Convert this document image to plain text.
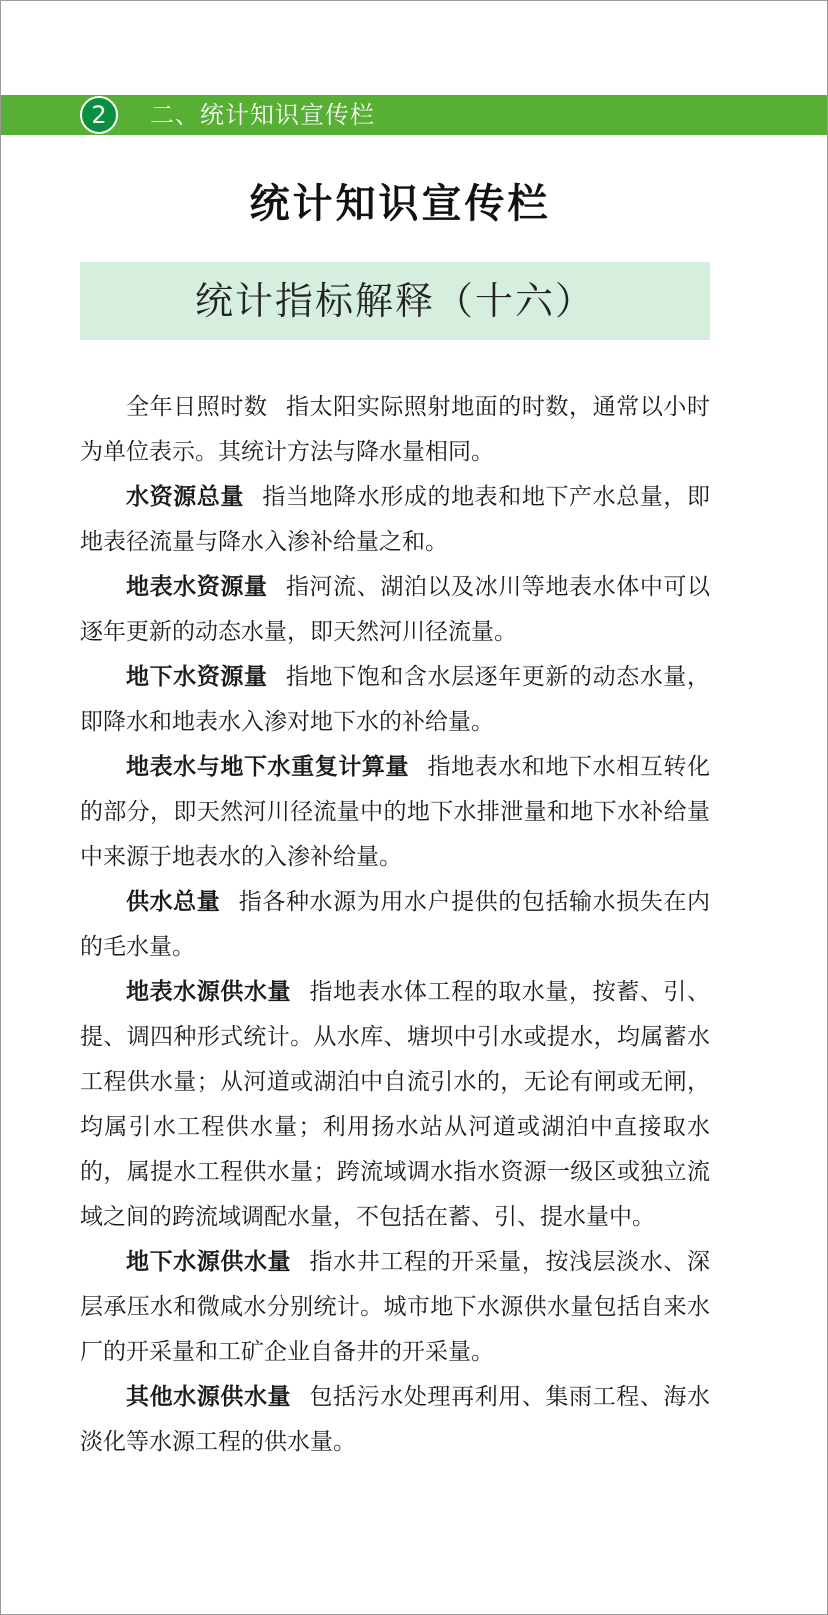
2	二、统计知识宣传栏
统计知识宣传栏
统计指标解释（十六）

全年日照时数 指太阳实际照射地面的时数，通常以小时为单位表示。其统计方法与降水量相同。

水资源总量 指当地降水形成的地表和地下产水总量，即地表径流量与降水入渗补给量之和。

地表水资源量 指河流、湖泊以及冰川等地表水体中可以逐年更新的动态水量，即天然河川径流量。

地下水资源量 指地下饱和含水层逐年更新的动态水量，即降水和地表水入渗对地下水的补给量。

地表水与地下水重复计算量 指地表水和地下水相互转化的部分，即天然河川径流量中的地下水排泄量和地下水补给量中来源于地表水的入渗补给量。

供水总量 指各种水源为用水户提供的包括输水损失在内的毛水量。

地表水源供水量 指地表水体工程的取水量，按蓄、引、提、调四种形式统计。从水库、塘坝中引水或提水，均属蓄水工程供水量；从河道或湖泊中自流引水的，无论有闸或无闸，均属引水工程供水量；利用扬水站从河道或湖泊中直接取水的，属提水工程供水量；跨流域调水指水资源一级区或独立流域之间的跨流域调配水量，不包括在蓄、引、提水量中。

地下水源供水量 指水井工程的开采量，按浅层淡水、深层承压水和微咸水分别统计。城市地下水源供水量包括自来水厂的开采量和工矿企业自备井的开采量。

其他水源供水量 包括污水处理再利用、集雨工程、海水淡化等水源工程的供水量。
